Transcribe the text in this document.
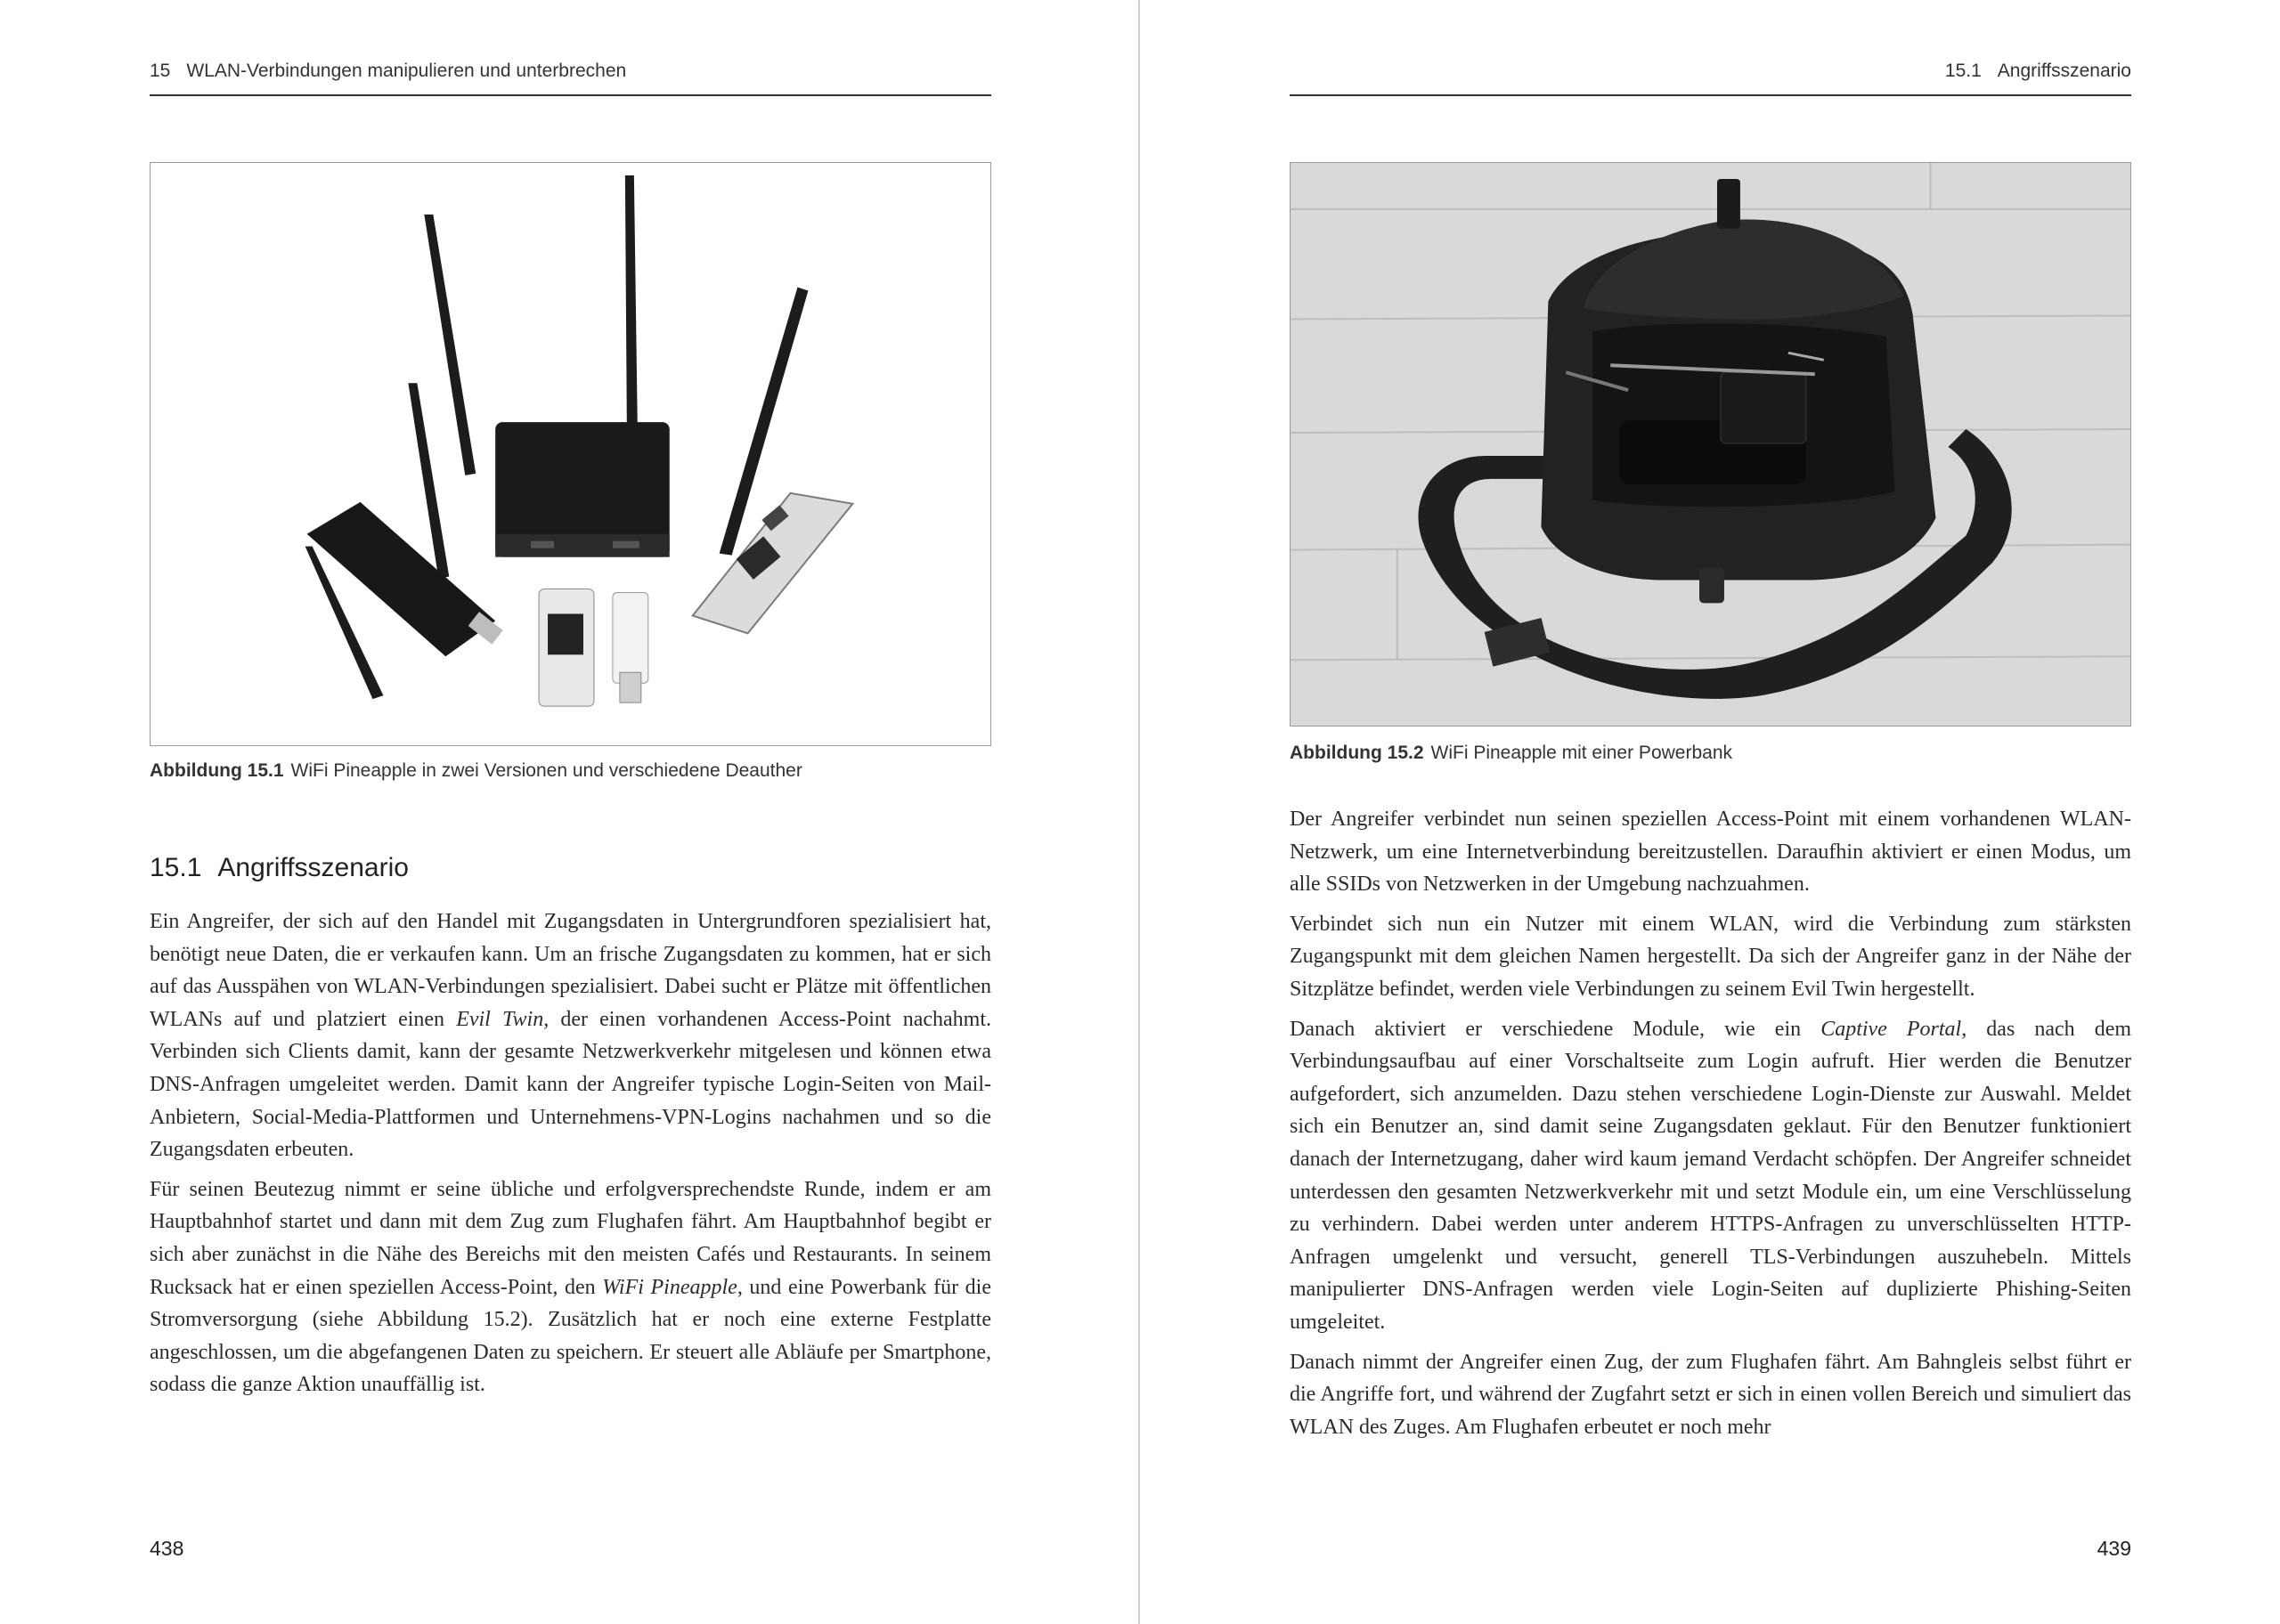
15 WLAN-Verbindungen manipulieren und unterbrechen
Abbildung 15.1 WiFi Pineapple in zwei Versionen und verschiedene Deauther
15.1 Angriffsszenario

Ein Angreifer, der sich auf den Handel mit Zugangsdaten in Untergrundforen spezialisiert hat, benötigt neue Daten, die er verkaufen kann. Um an frische Zugangsdaten zu kommen, hat er sich auf das Ausspähen von WLAN-Verbindungen spezialisiert. Dabei sucht er Plätze mit öffentlichen WLANs auf und platziert einen Evil Twin, der einen vorhandenen Access-Point nachahmt. Verbinden sich Clients damit, kann der gesamte Netzwerkverkehr mitgelesen und können etwa DNS-Anfragen umgeleitet werden. Damit kann der Angreifer typische Login-Seiten von Mail-Anbietern, Social-Media-Plattformen und Unternehmens-VPN-Logins nachahmen und so die Zugangsdaten erbeuten.

Für seinen Beutezug nimmt er seine übliche und erfolgversprechendste Runde, indem er am Hauptbahnhof startet und dann mit dem Zug zum Flughafen fährt. Am Hauptbahnhof begibt er sich aber zunächst in die Nähe des Bereichs mit den meisten Cafés und Restaurants. In seinem Rucksack hat er einen speziellen Access-Point, den WiFi Pineapple, und eine Powerbank für die Stromversorgung (siehe Abbildung 15.2). Zusätzlich hat er noch eine externe Festplatte angeschlossen, um die abgefangenen Daten zu speichern. Er steuert alle Abläufe per Smartphone, sodass die ganze Aktion unauffällig ist.

438
15.1 Angriffsszenario
Abbildung 15.2 WiFi Pineapple mit einer Powerbank

Der Angreifer verbindet nun seinen speziellen Access-Point mit einem vorhandenen WLAN-Netzwerk, um eine Internetverbindung bereitzustellen. Daraufhin aktiviert er einen Modus, um alle SSIDs von Netzwerken in der Umgebung nachzuahmen.

Verbindet sich nun ein Nutzer mit einem WLAN, wird die Verbindung zum stärksten Zugangspunkt mit dem gleichen Namen hergestellt. Da sich der Angreifer ganz in der Nähe der Sitzplätze befindet, werden viele Verbindungen zu seinem Evil Twin hergestellt.

Danach aktiviert er verschiedene Module, wie ein Captive Portal, das nach dem Verbindungsaufbau auf einer Vorschaltseite zum Login aufruft. Hier werden die Benutzer aufgefordert, sich anzumelden. Dazu stehen verschiedene Login-Dienste zur Auswahl. Meldet sich ein Benutzer an, sind damit seine Zugangsdaten geklaut. Für den Benutzer funktioniert danach der Internetzugang, daher wird kaum jemand Verdacht schöpfen. Der Angreifer schneidet unterdessen den gesamten Netzwerkverkehr mit und setzt Module ein, um eine Verschlüsselung zu verhindern. Dabei werden unter anderem HTTPS-Anfragen zu unverschlüsselten HTTP-Anfragen umgelenkt und versucht, generell TLS-Verbindungen auszuhebeln. Mittels manipulierter DNS-Anfragen werden viele Login-Seiten auf duplizierte Phishing-Seiten umgeleitet.

Danach nimmt der Angreifer einen Zug, der zum Flughafen fährt. Am Bahngleis selbst führt er die Angriffe fort, und während der Zugfahrt setzt er sich in einen vollen Bereich und simuliert das WLAN des Zuges. Am Flughafen erbeutet er noch mehr

439
